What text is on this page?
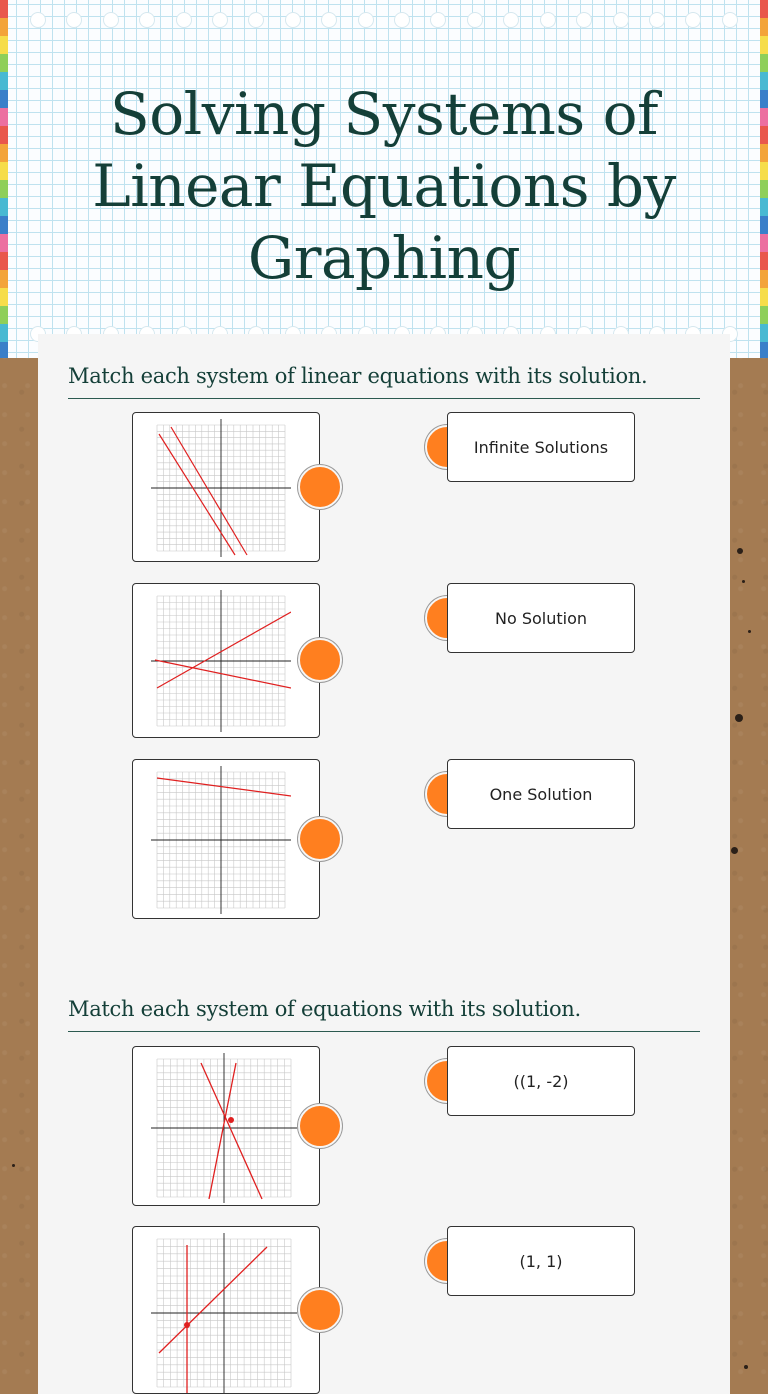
Solving Systems of Linear Equations by Graphing
Match each system of linear equations with its solution.
Infinite Solutions
No Solution
One Solution
Match each system of equations with its solution.
((1, -2)
(1, 1)
